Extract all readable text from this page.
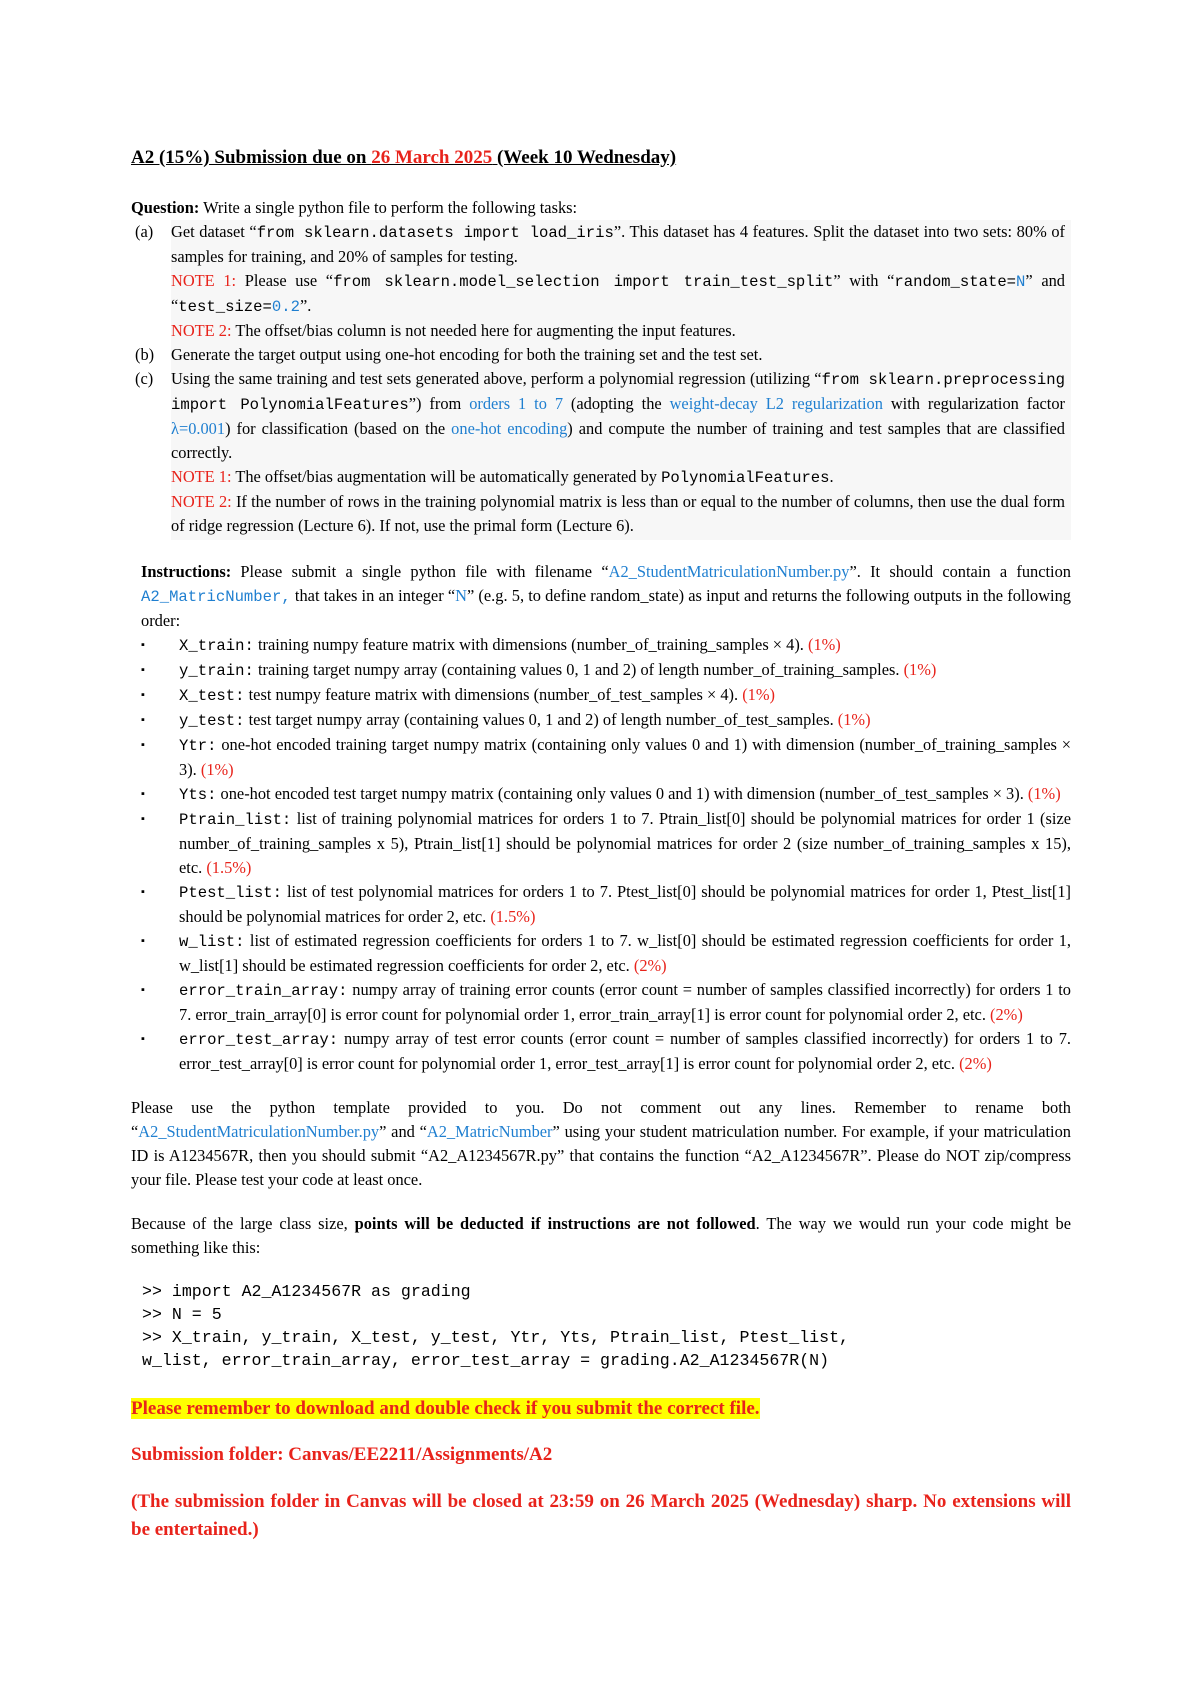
A2 (15%) Submission due on 26 March 2025 (Week 10 Wednesday)

Question: Write a single python file to perform the following tasks:

(a)	Get dataset “from sklearn.datasets import load_iris”. This dataset has 4 features. Split the dataset into two sets: 80% of samples for training, and 20% of samples for testing.
NOTE 1: Please use “from sklearn.model_selection import train_test_split” with “random_state=N” and “test_size=0.2”.
NOTE 2: The offset/bias column is not needed here for augmenting the input features.
(b)	Generate the target output using one-hot encoding for both the training set and the test set.
(c)	Using the same training and test sets generated above, perform a polynomial regression (utilizing “from sklearn.preprocessing import PolynomialFeatures”) from orders 1 to 7 (adopting the weight-decay L2 regularization with regularization factor λ=0.001) for classification (based on the one-hot encoding) and compute the number of training and test samples that are classified correctly.
NOTE 1: The offset/bias augmentation will be automatically generated by PolynomialFeatures.
NOTE 2: If the number of rows in the training polynomial matrix is less than or equal to the number of columns, then use the dual form of ridge regression (Lecture 6). If not, use the primal form (Lecture 6).
Instructions: Please submit a single python file with filename “A2_StudentMatriculationNumber.py”. It should contain a function A2_MatricNumber, that takes in an integer “N” (e.g. 5, to define random_state) as input and returns the following outputs in the following order:
▪	X_train: training numpy feature matrix with dimensions (number_of_training_samples × 4). (1%)
▪	y_train: training target numpy array (containing values 0, 1 and 2) of length number_of_training_samples. (1%)
▪	X_test: test numpy feature matrix with dimensions (number_of_test_samples × 4). (1%)
▪	y_test: test target numpy array (containing values 0, 1 and 2) of length number_of_test_samples. (1%)
▪	Ytr: one-hot encoded training target numpy matrix (containing only values 0 and 1) with dimension (number_of_training_samples × 3). (1%)
▪	Yts: one-hot encoded test target numpy matrix (containing only values 0 and 1) with dimension (number_of_test_samples × 3). (1%)
▪	Ptrain_list: list of training polynomial matrices for orders 1 to 7. Ptrain_list[0] should be polynomial matrices for order 1 (size number_of_training_samples x 5), Ptrain_list[1] should be polynomial matrices for order 2 (size number_of_training_samples x 15), etc. (1.5%)
▪	Ptest_list: list of test polynomial matrices for orders 1 to 7. Ptest_list[0] should be polynomial matrices for order 1, Ptest_list[1] should be polynomial matrices for order 2, etc. (1.5%)
▪	w_list: list of estimated regression coefficients for orders 1 to 7. w_list[0] should be estimated regression coefficients for order 1, w_list[1] should be estimated regression coefficients for order 2, etc. (2%)
▪	error_train_array: numpy array of training error counts (error count = number of samples classified incorrectly) for orders 1 to 7. error_train_array[0] is error count for polynomial order 1, error_train_array[1] is error count for polynomial order 2, etc. (2%)
▪	error_test_array: numpy array of test error counts (error count = number of samples classified incorrectly) for orders 1 to 7. error_test_array[0] is error count for polynomial order 1, error_test_array[1] is error count for polynomial order 2, etc. (2%)
Please use the python template provided to you. Do not comment out any lines. Remember to rename both “A2_StudentMatriculationNumber.py” and “A2_MatricNumber” using your student matriculation number. For example, if your matriculation ID is A1234567R, then you should submit “A2_A1234567R.py” that contains the function “A2_A1234567R”. Please do NOT zip/compress your file. Please test your code at least once.
Because of the large class size, points will be deducted if instructions are not followed. The way we would run your code might be something like this:
>> import A2_A1234567R as grading
>> N = 5
>> X_train, y_train, X_test, y_test, Ytr, Yts, Ptrain_list, Ptest_list,
w_list, error_train_array, error_test_array = grading.A2_A1234567R(N)
Please remember to download and double check if you submit the correct file.
Submission folder: Canvas/EE2211/Assignments/A2
(The submission folder in Canvas will be closed at 23:59 on 26 March 2025 (Wednesday) sharp. No extensions will be entertained.)
